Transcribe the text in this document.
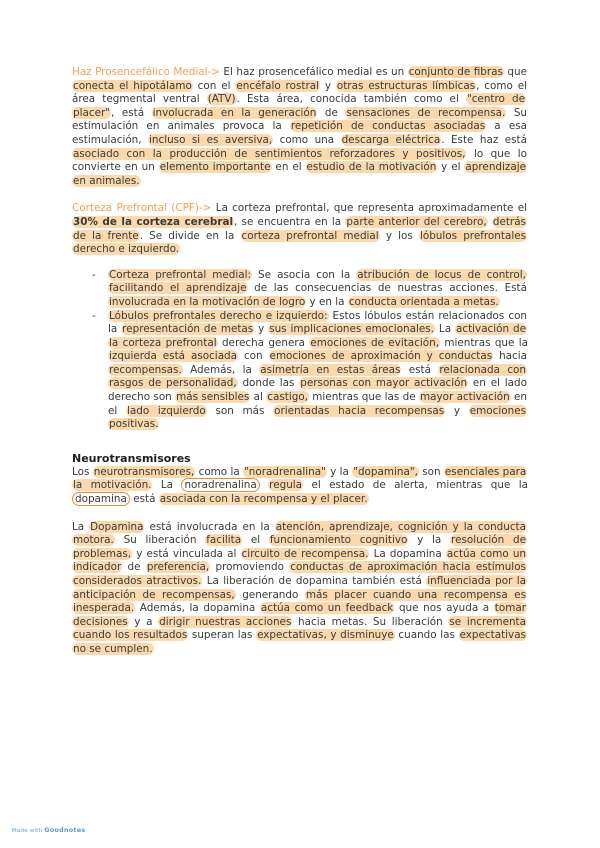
Haz Prosencefálico Medial-> El haz prosencefálico medial es un conjunto de fibras que conecta el hipotálamo con el encéfalo rostral y otras estructuras límbicas, como el área tegmental ventral (ATV). Esta área, conocida también como el "centro de placer", está involucrada en la generación de sensaciones de recompensa. Su estimulación en animales provoca la repetición de conductas asociadas a esa estimulación, incluso si es aversiva, como una descarga eléctrica. Este haz está asociado con la producción de sentimientos reforzadores y positivos, lo que lo convierte en un elemento importante en el estudio de la motivación y el aprendizaje en animales.

Corteza Prefrontal (CPF)-> La corteza prefrontal, que representa aproximadamente el 30% de la corteza cerebral, se encuentra en la parte anterior del cerebro, detrás de la frente. Se divide en la corteza prefrontal medial y los lóbulos prefrontales derecho e izquierdo.

- Corteza prefrontal medial: Se asocia con la atribución de locus de control, facilitando el aprendizaje de las consecuencias de nuestras acciones. Está involucrada en la motivación de logro y en la conducta orientada a metas.
- Lóbulos prefrontales derecho e izquierdo: Estos lóbulos están relacionados con la representación de metas y sus implicaciones emocionales. La activación de la corteza prefrontal derecha genera emociones de evitación, mientras que la izquierda está asociada con emociones de aproximación y conductas hacia recompensas. Además, la asimetría en estas áreas está relacionada con rasgos de personalidad, donde las personas con mayor activación en el lado derecho son más sensibles al castigo, mientras que las de mayor activación en el lado izquierdo son más orientadas hacia recompensas y emociones positivas.
Neurotransmisores

Los neurotransmisores, como la "noradrenalina" y la "dopamina", son esenciales para la motivación. La noradrenalina regula el estado de alerta, mientras que la dopamina está asociada con la recompensa y el placer.

La Dopamina está involucrada en la atención, aprendizaje, cognición y la conducta motora. Su liberación facilita el funcionamiento cognitivo y la resolución de problemas, y está vinculada al circuito de recompensa. La dopamina actúa como un indicador de preferencia, promoviendo conductas de aproximación hacia estímulos considerados atractivos. La liberación de dopamina también está influenciada por la anticipación de recompensas, generando más placer cuando una recompensa es inesperada. Además, la dopamina actúa como un feedback que nos ayuda a tomar decisiones y a dirigir nuestras acciones hacia metas. Su liberación se incrementa cuando los resultados superan las expectativas, y disminuye cuando las expectativas no se cumplen.

Made with Goodnotes
